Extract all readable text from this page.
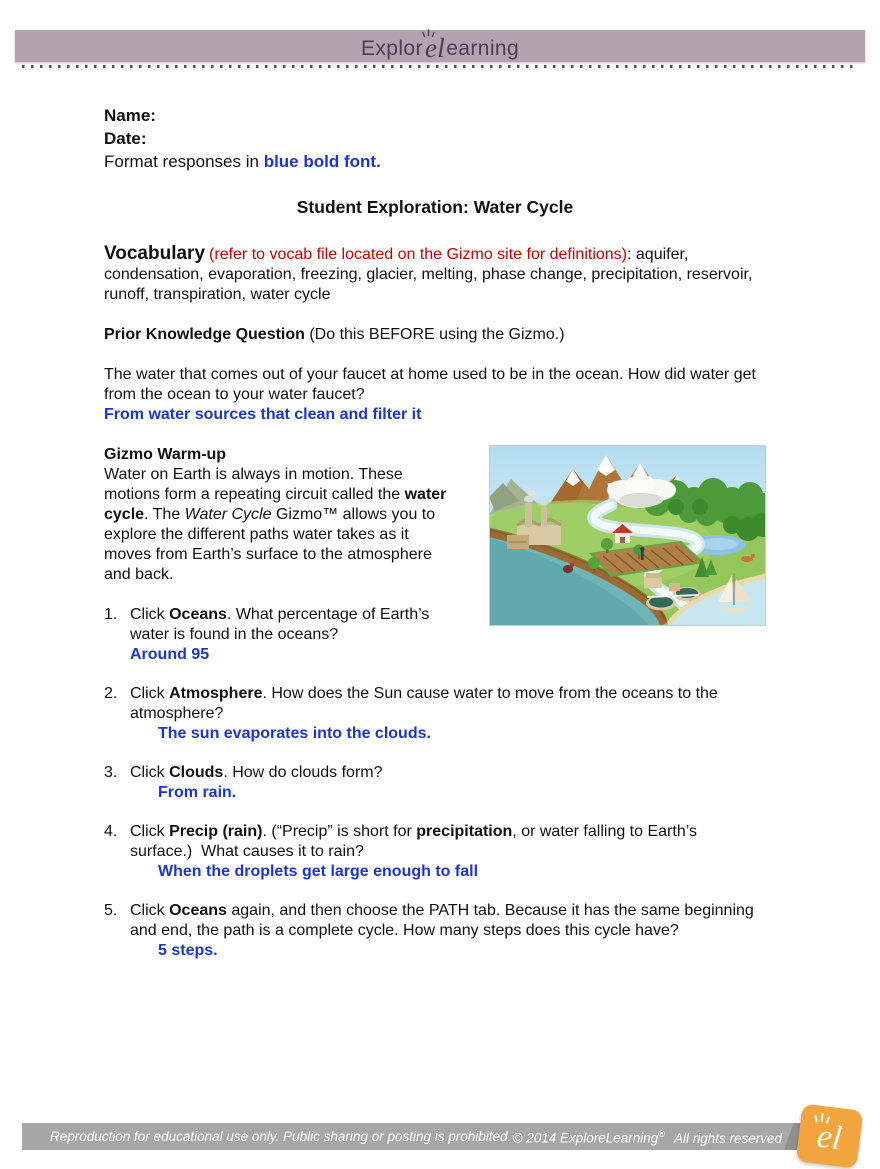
Explor el earning

Name:

Date:

Format responses in blue bold font.

Student Exploration: Water Cycle

Vocabulary (refer to vocab file located on the Gizmo site for definitions): aquifer, condensation, evaporation, freezing, glacier, melting, phase change, precipitation, reservoir, runoff, transpiration, water cycle

Prior Knowledge Question (Do this BEFORE using the Gizmo.)

The water that comes out of your faucet at home used to be in the ocean. How did water get from the ocean to your water faucet?

From water sources that clean and filter it

Gizmo Warm-up

Water on Earth is always in motion. These motions form a repeating circuit called the water cycle. The Water Cycle Gizmo™ allows you to explore the different paths water takes as it moves from Earth’s surface to the atmosphere and back.

1. Click Oceans. What percentage of Earth’s water is found in the oceans?

Around 95

2. Click Atmosphere. How does the Sun cause water to move from the oceans to the atmosphere?

The sun evaporates into the clouds.

3. Click Clouds. How do clouds form?

From rain.

4. Click Precip (rain). (“Precip” is short for precipitation, or water falling to Earth’s surface.)  What causes it to rain?

When the droplets get large enough to fall

5. Click Oceans again, and then choose the PATH tab. Because it has the same beginning and end, the path is a complete cycle. How many steps does this cycle have?

5 steps.

Reproduction for educational use only. Public sharing or posting is prohibited. © 2014 ExploreLearning® All rights reserved el
